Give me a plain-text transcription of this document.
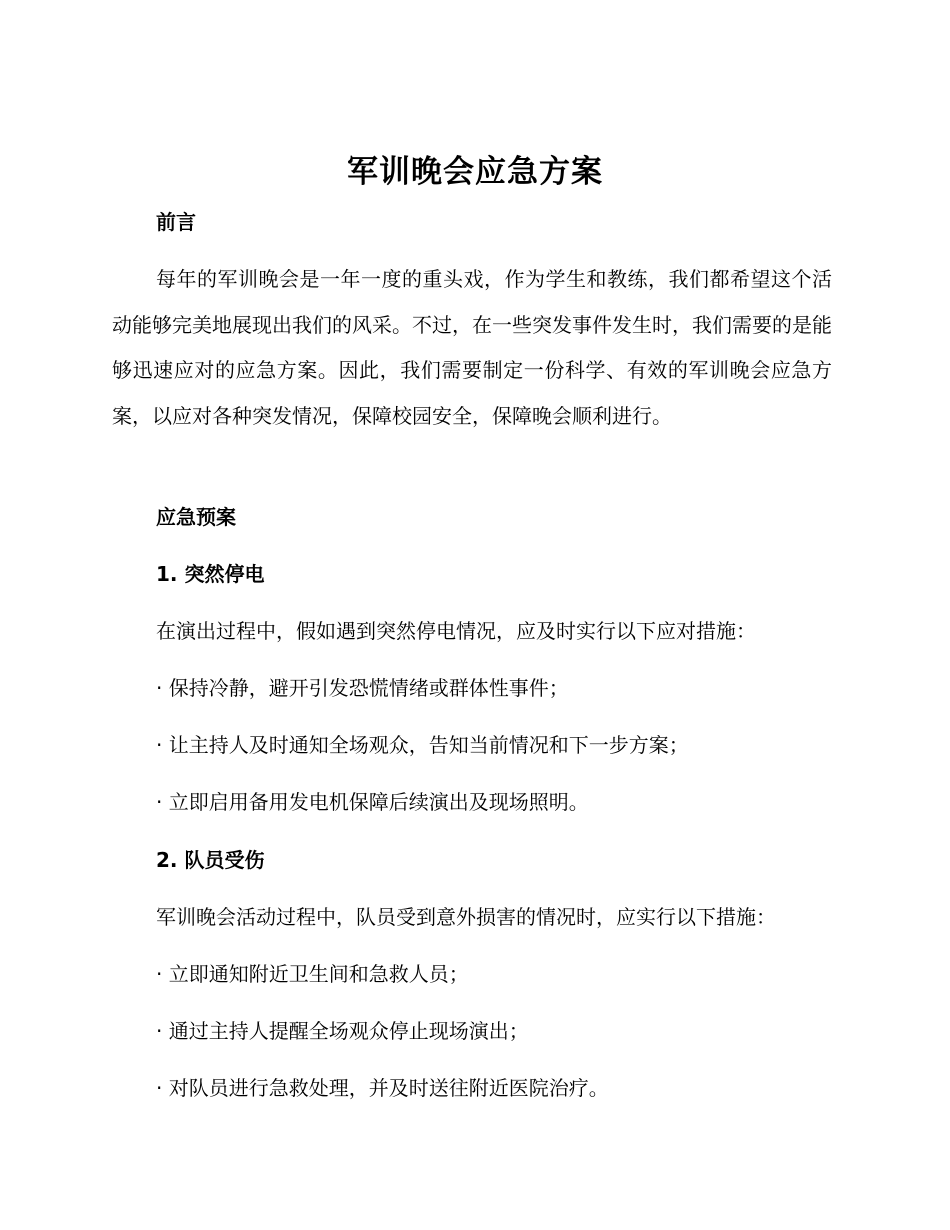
军训晚会应急方案
前言

每年的军训晚会是一年一度的重头戏，作为学生和教练，我们都希望这个活动能够完美地展现出我们的风采。不过，在一些突发事件发生时，我们需要的是能够迅速应对的应急方案。因此，我们需要制定一份科学、有效的军训晚会应急方案，以应对各种突发情况，保障校园安全，保障晚会顺利进行。

应急预案
1. 突然停电
在演出过程中，假如遇到突然停电情况，应及时实行以下应对措施：
· 保持冷静，避开引发恐慌情绪或群体性事件；
· 让主持人及时通知全场观众，告知当前情况和下一步方案；
· 立即启用备用发电机保障后续演出及现场照明。
2. 队员受伤
军训晚会活动过程中，队员受到意外损害的情况时，应实行以下措施：
· 立即通知附近卫生间和急救人员；
· 通过主持人提醒全场观众停止现场演出；
· 对队员进行急救处理，并及时送往附近医院治疗。
